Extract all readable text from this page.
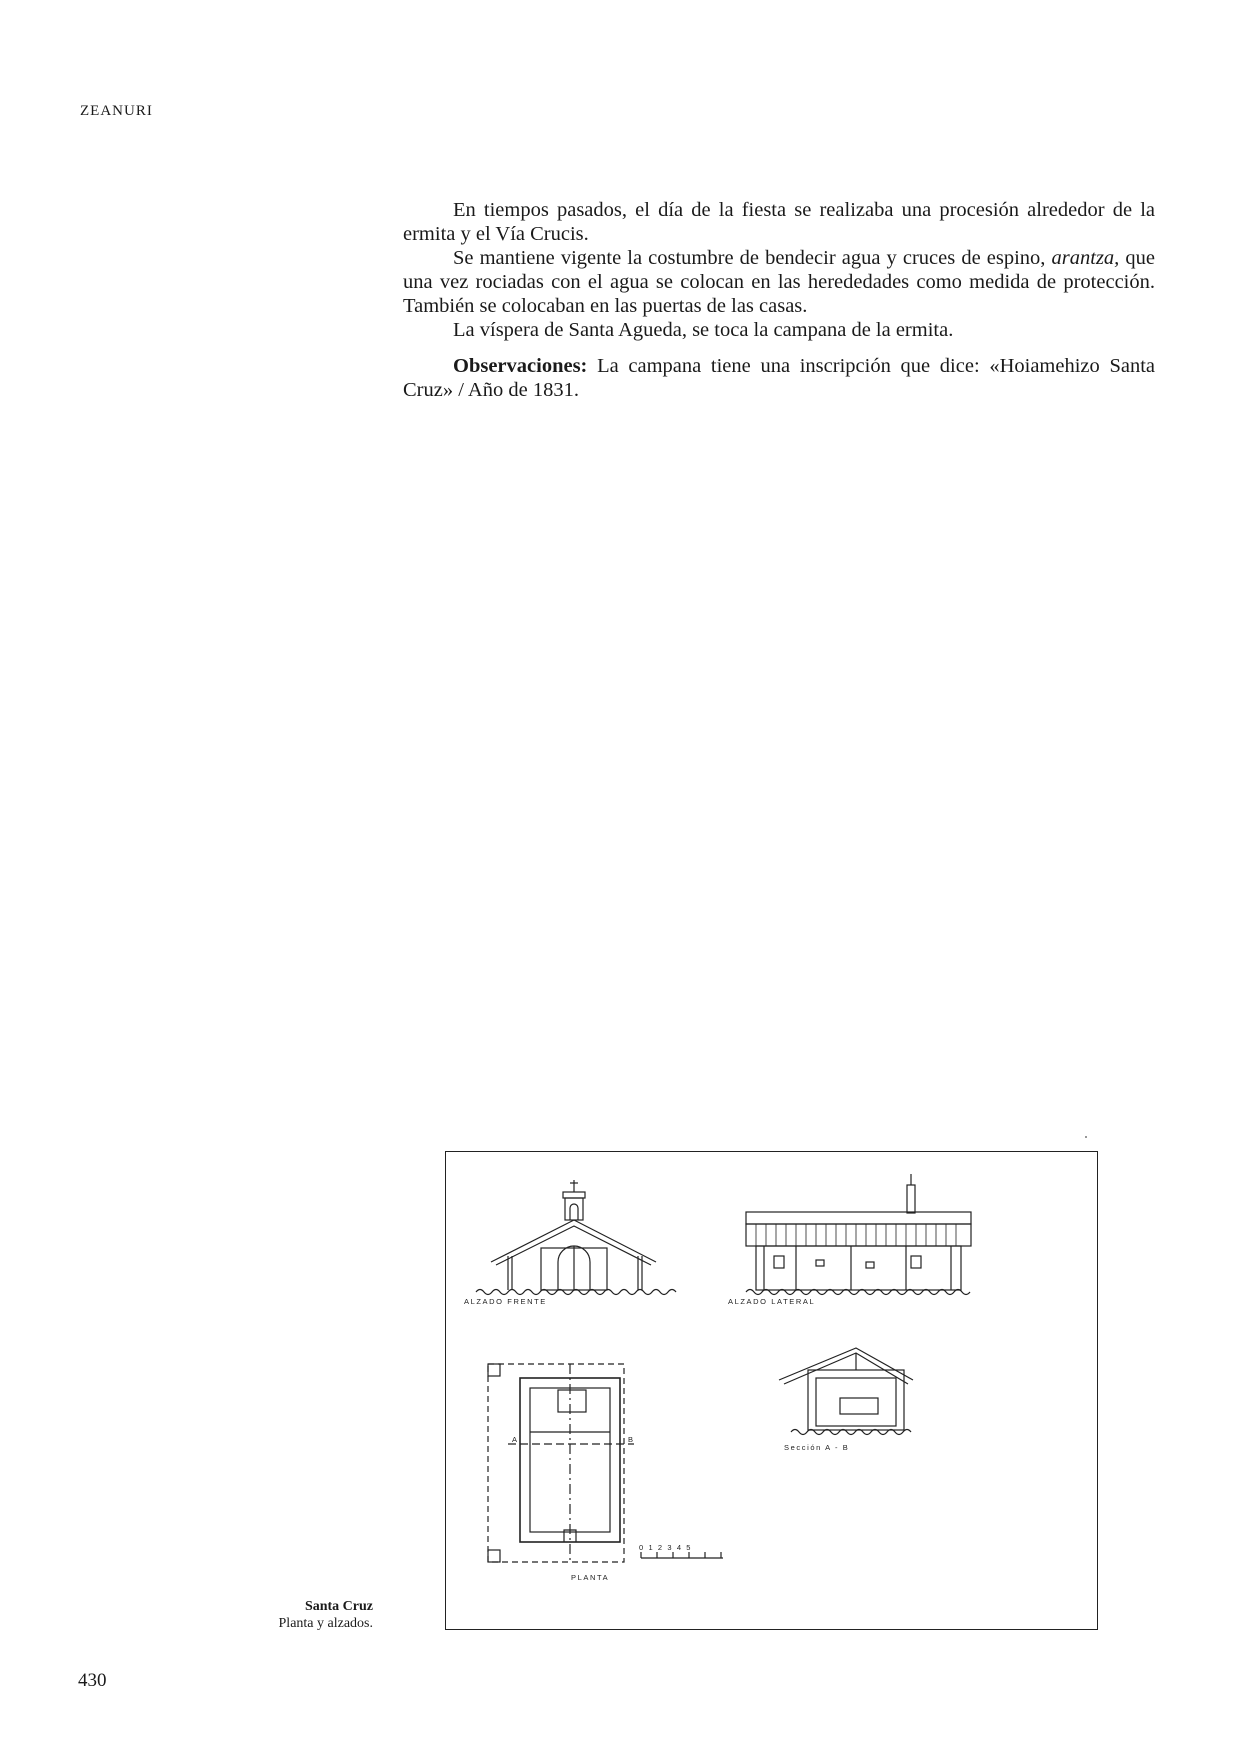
ZEANURI

En tiempos pasados, el día de la fiesta se realizaba una procesión alrededor de la ermita y el Vía Crucis.

Se mantiene vigente la costumbre de bendecir agua y cruces de espino, arantza, que una vez rociadas con el agua se colocan en las herededades como medida de protección. También se colocaban en las puertas de las casas.

La víspera de Santa Agueda, se toca la campana de la ermita.

Observaciones: La campana tiene una inscripción que dice: «Hoiamehizo Santa Cruz» / Año de 1831.

ALZADO FRENTE	ALZADO LATERAL
PLANTA
Sección A - B
A	B
0 1 2 3 4 5
Santa Cruz
Planta y alzados.
430
